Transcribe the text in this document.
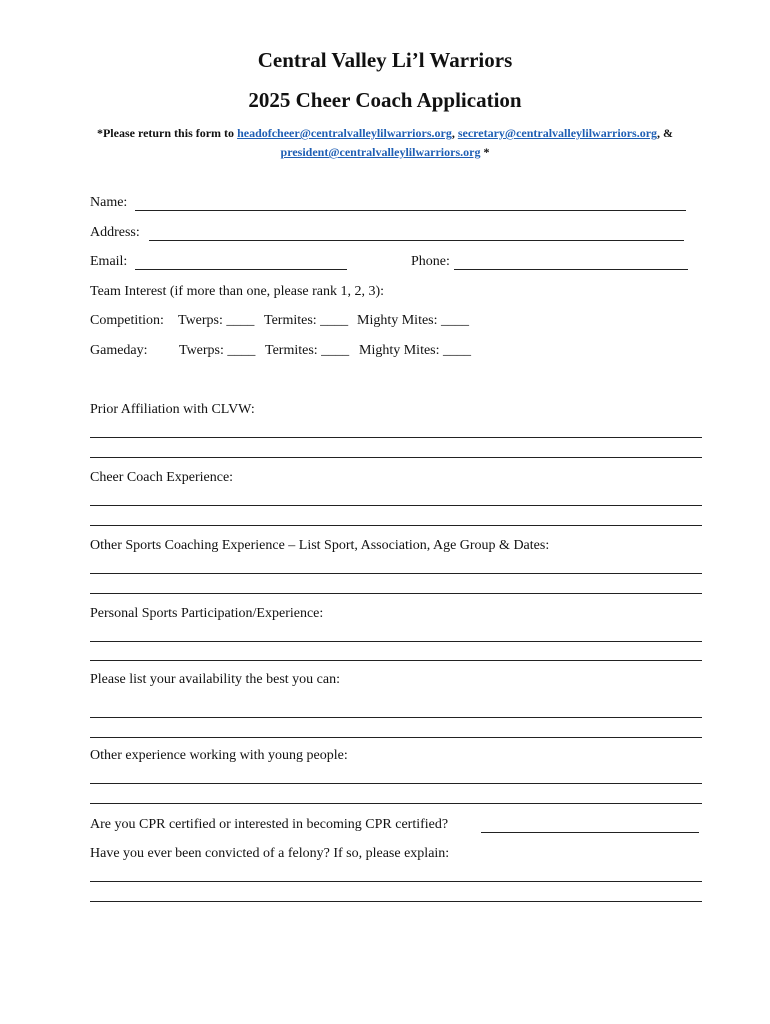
Central Valley Li’l Warriors
2025 Cheer Coach Application
*Please return this form to headofcheer@centralvalleylilwarriors.org, secretary@centralvalleylilwarriors.org, &
president@centralvalleylilwarriors.org *
Name:
Address:
Email:	Phone:
Team Interest (if more than one, please rank 1, 2, 3):
Competition: Twerps: ____ Termites: ____ Mighty Mites: ____
Gameday: Twerps: ____ Termites: ____ Mighty Mites: ____
Prior Affiliation with CLVW:
Cheer Coach Experience:
Other Sports Coaching Experience – List Sport, Association, Age Group & Dates:
Personal Sports Participation/Experience:
Please list your availability the best you can:
Other experience working with young people:
Are you CPR certified or interested in becoming CPR certified?
Have you ever been convicted of a felony? If so, please explain:
